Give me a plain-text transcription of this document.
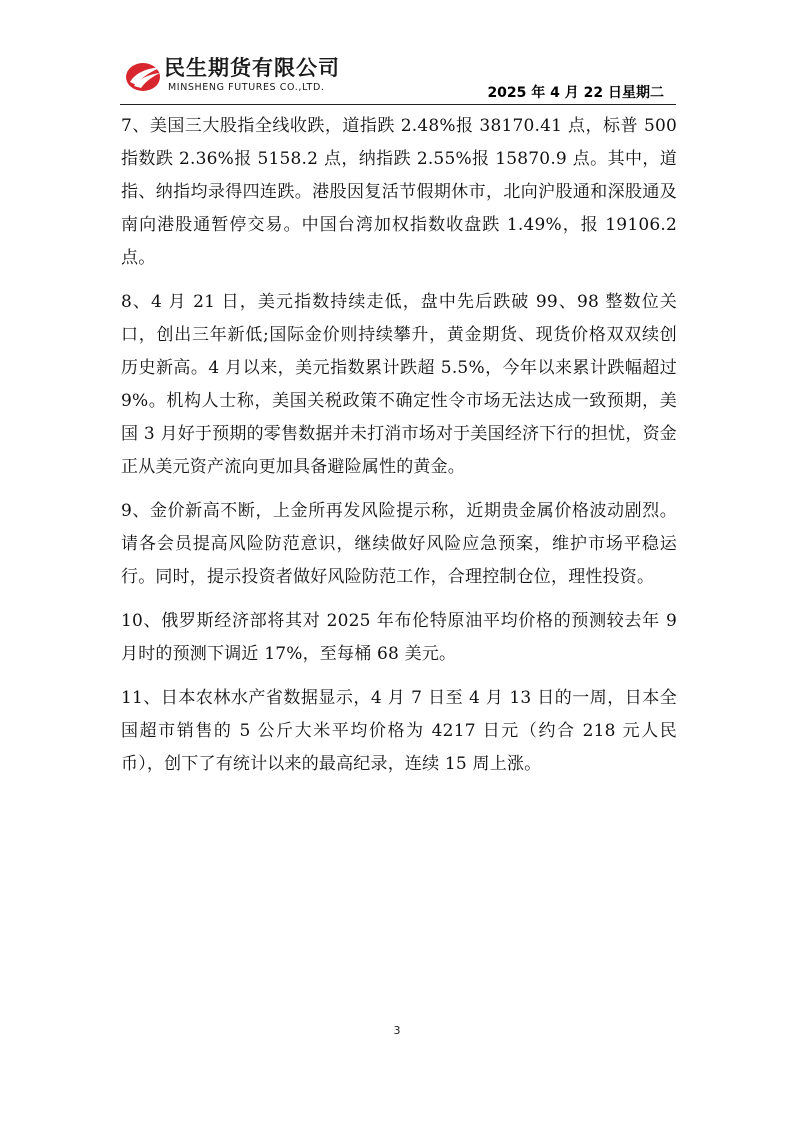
民生期货有限公司
MINSHENG FUTURES CO.,LTD.	2025 年 4 月 22 日星期二

7、美国三大股指全线收跌，道指跌 2.48%报 38170.41 点，标普 500 指数跌 2.36%报 5158.2 点，纳指跌 2.55%报 15870.9 点。其中，道指、纳指均录得四连跌。港股因复活节假期休市，北向沪股通和深股通及南向港股通暂停交易。中国台湾加权指数收盘跌 1.49%，报 19106.2 点。

8、4 月 21 日，美元指数持续走低，盘中先后跌破 99、98 整数位关口，创出三年新低;国际金价则持续攀升，黄金期货、现货价格双双续创历史新高。4 月以来，美元指数累计跌超 5.5%，今年以来累计跌幅超过 9%。机构人士称，美国关税政策不确定性令市场无法达成一致预期，美国 3 月好于预期的零售数据并未打消市场对于美国经济下行的担忧，资金正从美元资产流向更加具备避险属性的黄金。

9、金价新高不断，上金所再发风险提示称，近期贵金属价格波动剧烈。请各会员提高风险防范意识，继续做好风险应急预案，维护市场平稳运行。同时，提示投资者做好风险防范工作，合理控制仓位，理性投资。

10、俄罗斯经济部将其对 2025 年布伦特原油平均价格的预测较去年 9 月时的预测下调近 17%，至每桶 68 美元。

11、日本农林水产省数据显示，4 月 7 日至 4 月 13 日的一周，日本全国超市销售的 5 公斤大米平均价格为 4217 日元（约合 218 元人民币），创下了有统计以来的最高纪录，连续 15 周上涨。

3
